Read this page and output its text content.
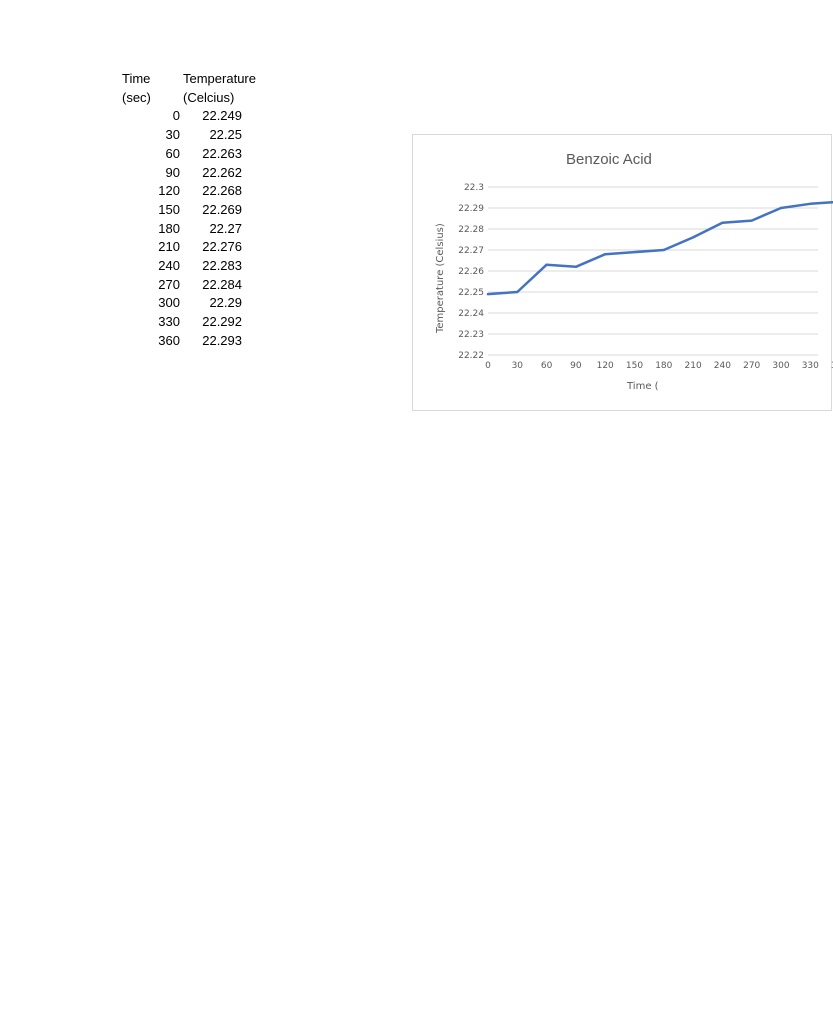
Time (sec)	Temperature (Celcius)
0	22.249
30	22.25
60	22.263
90	22.262
120	22.268
150	22.269
180	22.27
210	22.276
240	22.283
270	22.284
300	22.29
330	22.292
360	22.293
Benzoic Acid
22.3
22.29
22.28
22.27
22.26
22.25
22.24
22.23
22.22
0 30 60 90 120 150 180 210 240 270 300 330
Temperature (Celsius)
Time (
